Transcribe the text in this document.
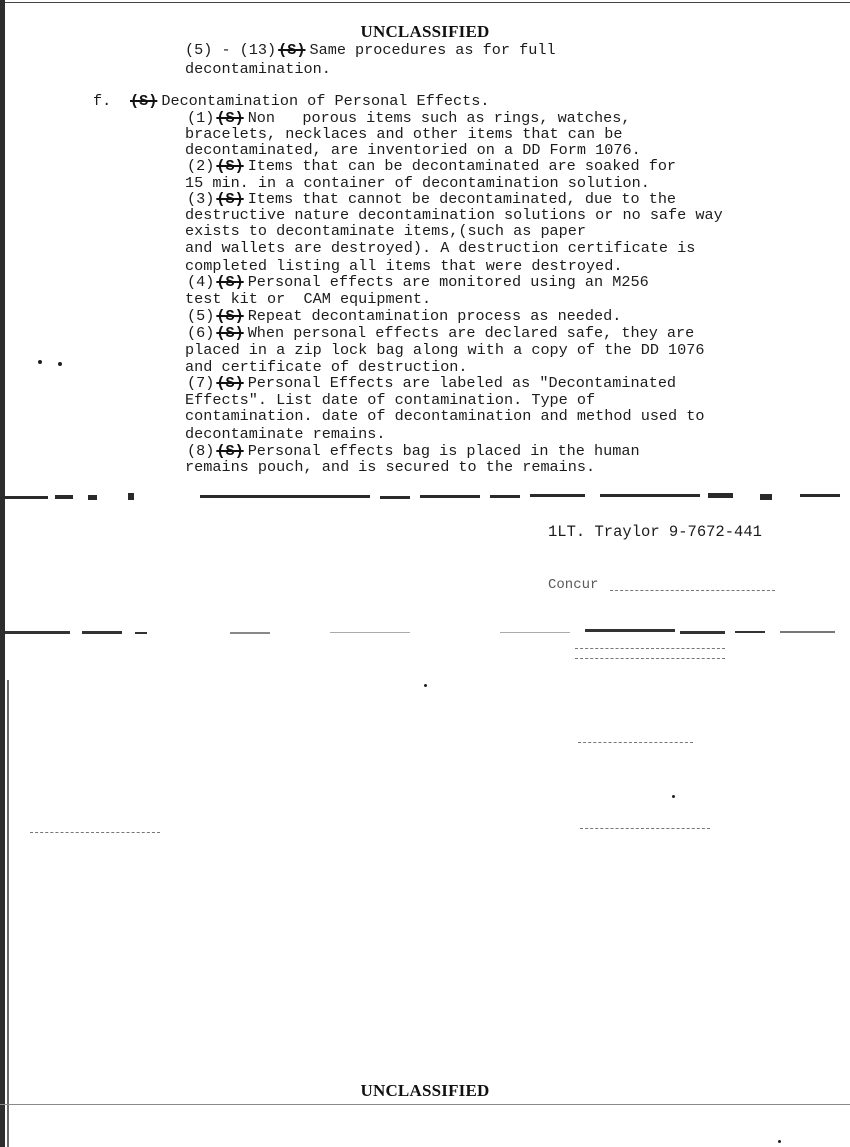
UNCLASSIFIED
(5) - (13) (S) Same procedures as for full
decontamination.
f. (S) Decontamination of Personal Effects.
(1) (S) Non   porous items such as rings, watches,
bracelets, necklaces and other items that can be
decontaminated, are inventoried on a DD Form 1076.
(2) (S) Items that can be decontaminated are soaked for
15 min. in a container of decontamination solution.
(3) (S) Items that cannot be decontaminated, due to the
destructive nature decontamination solutions or no safe way
exists to decontaminate items,(such as paper
and wallets are destroyed). A destruction certificate is
completed listing all items that were destroyed.
(4) (S) Personal effects are monitored using an M256
test kit or  CAM equipment.
(5) (S) Repeat decontamination process as needed.
(6) (S) When personal effects are declared safe, they are
placed in a zip lock bag along with a copy of the DD 1076
and certificate of destruction.
(7) (S) Personal Effects are labeled as "Decontaminated
Effects". List date of contamination. Type of
contamination. date of decontamination and method used to
decontaminate remains.
(8) (S) Personal effects bag is placed in the human
remains pouch, and is secured to the remains.
1LT. Traylor 9-7672-441
Concur
UNCLASSIFIED
